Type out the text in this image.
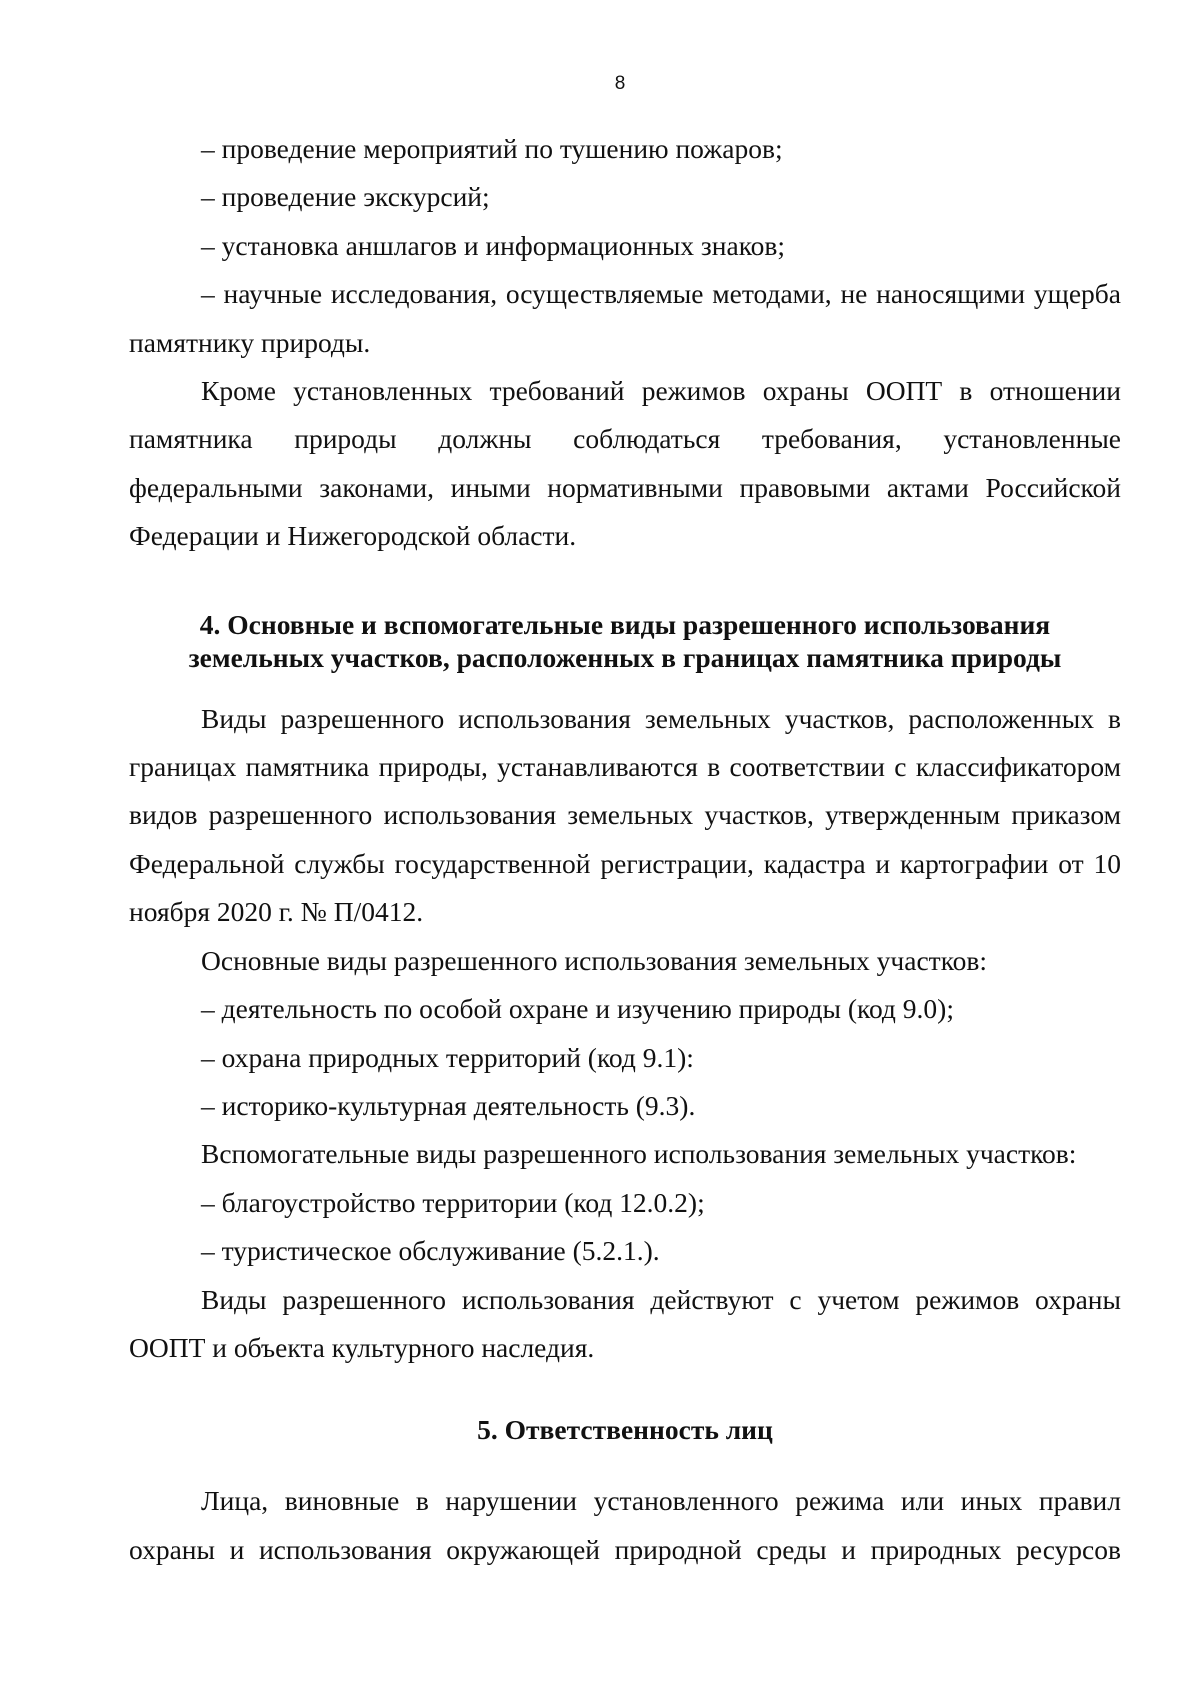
8

– проведение мероприятий по тушению пожаров;

– проведение экскурсий;

– установка аншлагов и информационных знаков;

– научные исследования, осуществляемые методами, не наносящими ущерба памятнику природы.

Кроме установленных требований режимов охраны ООПТ в отношении памятника природы должны соблюдаться требования, установленные федеральными законами, иными нормативными правовыми актами Российской Федерации и Нижегородской области.

4. Основные и вспомогательные виды разрешенного использования
земельных участков, расположенных в границах памятника природы

Виды разрешенного использования земельных участков, расположенных в границах памятника природы, устанавливаются в соответствии с классификатором видов разрешенного использования земельных участков, утвержденным приказом Федеральной службы государственной регистрации, кадастра и картографии от 10 ноября 2020 г. № П/0412.

Основные виды разрешенного использования земельных участков:

– деятельность по особой охране и изучению природы (код 9.0);

– охрана природных территорий (код 9.1):

– историко-культурная деятельность (9.3).

Вспомогательные виды разрешенного использования земельных участков:

– благоустройство территории (код 12.0.2);

– туристическое обслуживание (5.2.1.).

Виды разрешенного использования действуют с учетом режимов охраны ООПТ и объекта культурного наследия.

5. Ответственность лиц

Лица, виновные в нарушении установленного режима или иных правил охраны и использования окружающей природной среды и природных ресурсов
